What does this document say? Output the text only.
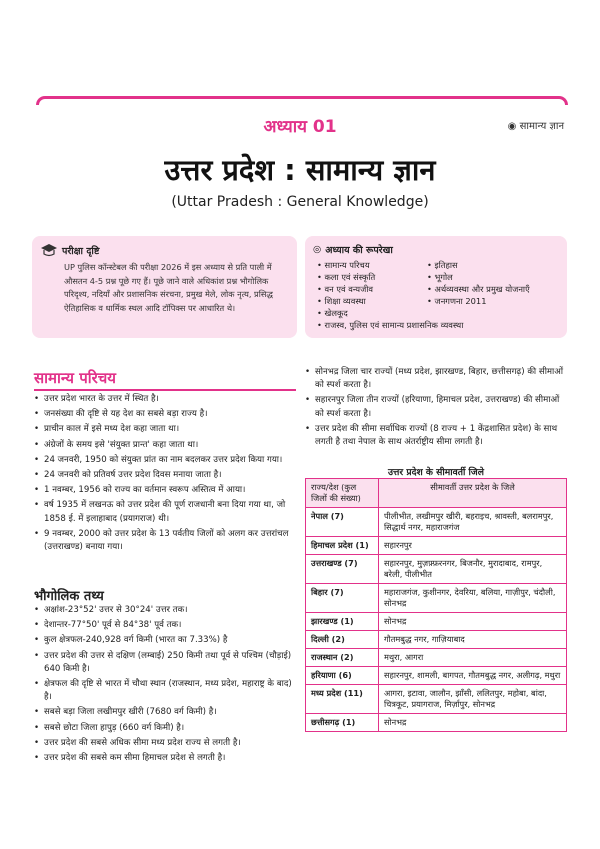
अध्याय 01	◉ सामान्य ज्ञान
उत्तर प्रदेश : सामान्य ज्ञान
(Uttar Pradesh : General Knowledge)
परीक्षा दृष्टि

UP पुलिस कॉन्स्टेबल की परीक्षा 2026 में इस अध्याय से प्रति पाली में औसतन 4-5 प्रश्न पूछे गए हैं। पूछे जाने वाले अधिकांश प्रश्न भौगोलिक परिदृश्य, नदियाँ और प्रशासनिक संरचना, प्रमुख मेले, लोक नृत्य, प्रसिद्ध ऐतिहासिक व धार्मिक स्थल आदि टॉपिक्स पर आधारित थे।

◎ अध्याय की रूपरेखा
• सामान्य परिचय	• इतिहास
• कला एवं संस्कृति	• भूगोल
• वन एवं वन्यजीव	• अर्थव्यवस्था और प्रमुख योजनाएँ
• शिक्षा व्यवस्था	• जनगणना 2011
• खेलकूद
• राजस्व, पुलिस एवं सामान्य प्रशासनिक व्यवस्था
सामान्य परिचय
• उत्तर प्रदेश भारत के उत्तर में स्थित है।
• जनसंख्या की दृष्टि से यह देश का सबसे बड़ा राज्य है।
• प्राचीन काल में इसे मध्य देश कहा जाता था।
• अंग्रेजों के समय इसे 'संयुक्त प्रान्त' कहा जाता था।
• 24 जनवरी, 1950 को संयुक्त प्रांत का नाम बदलकर उत्तर प्रदेश किया गया।
• 24 जनवरी को प्रतिवर्ष उत्तर प्रदेश दिवस मनाया जाता है।
• 1 नवम्बर, 1956 को राज्य का वर्तमान स्वरूप अस्तित्व में आया।
• वर्ष 1935 में लखनऊ को उत्तर प्रदेश की पूर्ण राजधानी बना दिया गया था, जो 1858 ई. में इलाहाबाद (प्रयागराज) थी।
• 9 नवम्बर, 2000 को उत्तर प्रदेश के 13 पर्वतीय जिलों को अलग कर उत्तरांचल (उत्तराखण्ड) बनाया गया।
भौगोलिक तथ्य
• अक्षांश-23°52' उत्तर से 30°24' उत्तर तक।
• देशान्तर-77°50' पूर्व से 84°38' पूर्व तक।
• कुल क्षेत्रफल-240,928 वर्ग किमी (भारत का 7.33%) है
• उत्तर प्रदेश की उत्तर से दक्षिण (लम्बाई) 250 किमी तथा पूर्व से पश्चिम (चौड़ाई) 640 किमी है।
• क्षेत्रफल की दृष्टि से भारत में चौथा स्थान (राजस्थान, मध्य प्रदेश, महाराष्ट्र के बाद) है।
• सबसे बड़ा जिला लखीमपुर खीरी (7680 वर्ग किमी) है।
• सबसे छोटा जिला हापुड़ (660 वर्ग किमी) है।
• उत्तर प्रदेश की सबसे अधिक सीमा मध्य प्रदेश राज्य से लगती है।
• उत्तर प्रदेश की सबसे कम सीमा हिमाचल प्रदेश से लगती है।
• सोनभद्र जिला चार राज्यों (मध्य प्रदेश, झारखण्ड, बिहार, छत्तीसगढ़) की सीमाओं को स्पर्श करता है।
• सहारनपुर जिला तीन राज्यों (हरियाणा, हिमाचल प्रदेश, उत्तराखण्ड) की सीमाओं को स्पर्श करता है।
• उत्तर प्रदेश की सीमा सर्वाधिक राज्यों (8 राज्य + 1 केंद्रशासित प्रदेश) के साथ लगती है तथा नेपाल के साथ अंतर्राष्ट्रीय सीमा लगती है।
उत्तर प्रदेश के सीमावर्ती जिले
राज्य/देश (कुल जिलों की संख्या)	सीमावर्ती उत्तर प्रदेश के जिले
नेपाल (7)	पीलीभीत, लखीमपुर खीरी, बहराइच, श्रावस्ती, बलरामपुर, सिद्धार्थ नगर, महाराजगंज
हिमाचल प्रदेश (1)	सहारनपुर
उत्तराखण्ड (7)	सहारनपुर, मुज़फ़्फ़रनगर, बिजनौर, मुरादाबाद, रामपुर, बरेली, पीलीभीत
बिहार (7)	महाराजगंज, कुशीनगर, देवरिया, बलिया, गाज़ीपुर, चंदौली, सोनभद्र
झारखण्ड (1)	सोनभद्र
दिल्ली (2)	गौतमबुद्ध नगर, गाज़ियाबाद
राजस्थान (2)	मथुरा, आगरा
हरियाणा (6)	सहारनपुर, शामली, बागपत, गौतमबुद्ध नगर, अलीगढ़, मथुरा
मध्य प्रदेश (11)	आगरा, इटावा, जालौन, झाँसी, ललितपुर, महोबा, बांदा, चित्रकूट, प्रयागराज, मिर्ज़ापुर, सोनभद्र
छत्तीसगढ़ (1)	सोनभद्र
